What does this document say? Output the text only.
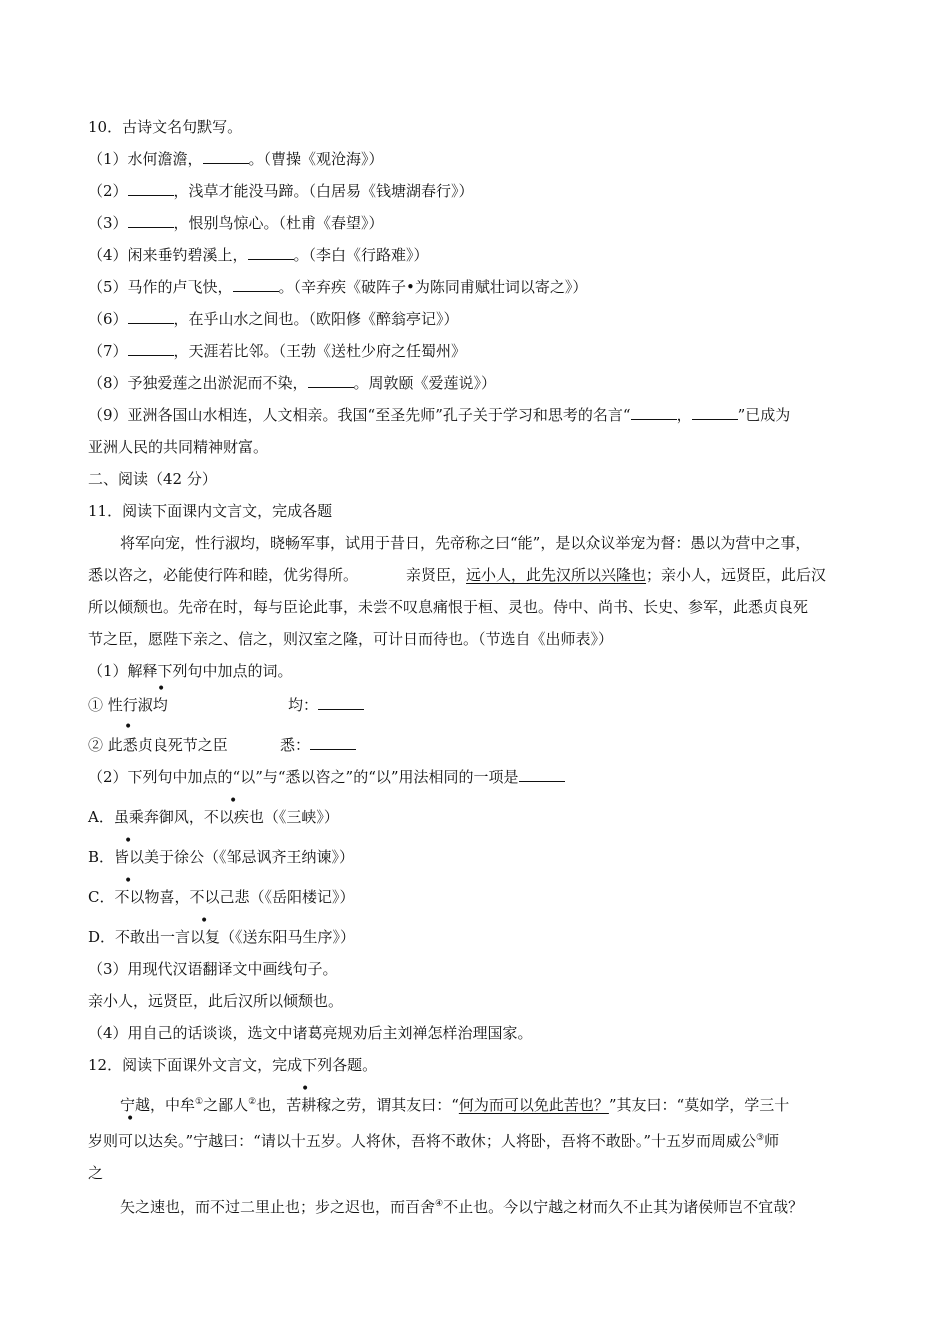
10．古诗文名句默写。
（1）水何澹澹，	。（曹操《观沧海》）
（2）	，浅草才能没马蹄。（白居易《钱塘湖春行》）
（3）	，恨别鸟惊心。（杜甫《春望》）
（4）闲来垂钓碧溪上，	。（李白《行路难》）
（5）马作的卢飞快，	。（辛弃疾《破阵子•为陈同甫赋壮词以寄之》）
（6）	，在乎山水之间也。（欧阳修《醉翁亭记》）
（7）	，天涯若比邻。（王勃《送杜少府之任蜀州》
（8）予独爱莲之出淤泥而不染，	。周敦颐《爱莲说》）
（9）亚洲各国山水相连，人文相亲。我国“至圣先师”孔子关于学习和思考的名言“	，	”已成为
亚洲人民的共同精神财富。
二、阅读（42 分）
11．阅读下面课内文言文，完成各题
将军向宠，性行淑均，晓畅军事，试用于昔日，先帝称之曰“能”，是以众议举宠为督：愚以为营中之事，
悉以咨之，必能使行阵和睦，优劣得所。	亲贤臣，远小人，此先汉所以兴隆也；亲小人，远贤臣，此后汉
所以倾颓也。先帝在时，每与臣论此事，未尝不叹息痛恨于桓、灵也。侍中、尚书、长史、参军，此悉贞良死
节之臣，愿陛下亲之、信之，则汉室之隆，可计日而待也。（节选自《出师表》）
（1）解释下列句中加点的词。
•
① 性行淑均	均：
•
② 此悉贞良死节之臣	悉：
（2）下列句中加点的“以”与“悉以咨之”的“以”用法相同的一项是
•
A．虽乘奔御风，不以疾也（《三峡》）
•
B．皆以美于徐公（《邹忌讽齐王纳谏》）
•
C．不以物喜，不以己悲（《岳阳楼记》）
•
D．不敢出一言以复（《送东阳马生序》）
（3）用现代汉语翻译文中画线句子。
亲小人，远贤臣，此后汉所以倾颓也。
（4）用自己的话谈谈，选文中诸葛亮规劝后主刘禅怎样治理国家。
12．阅读下面课外文言文，完成下列各题。
•
宁越，中牟①之鄙人②也，苦耕稼之劳，谓其友曰：“何为而可以免此苦也？”其友曰：“莫如学，学三十
•
岁则可以达矣。”宁越曰：“请以十五岁。人将休，吾将不敢休；人将卧，吾将不敢卧。”十五岁而周威公③师
之
矢之速也，而不过二里止也；步之迟也，而百舍④不止也。今以宁越之材而久不止其为诸侯师岂不宜哉？
